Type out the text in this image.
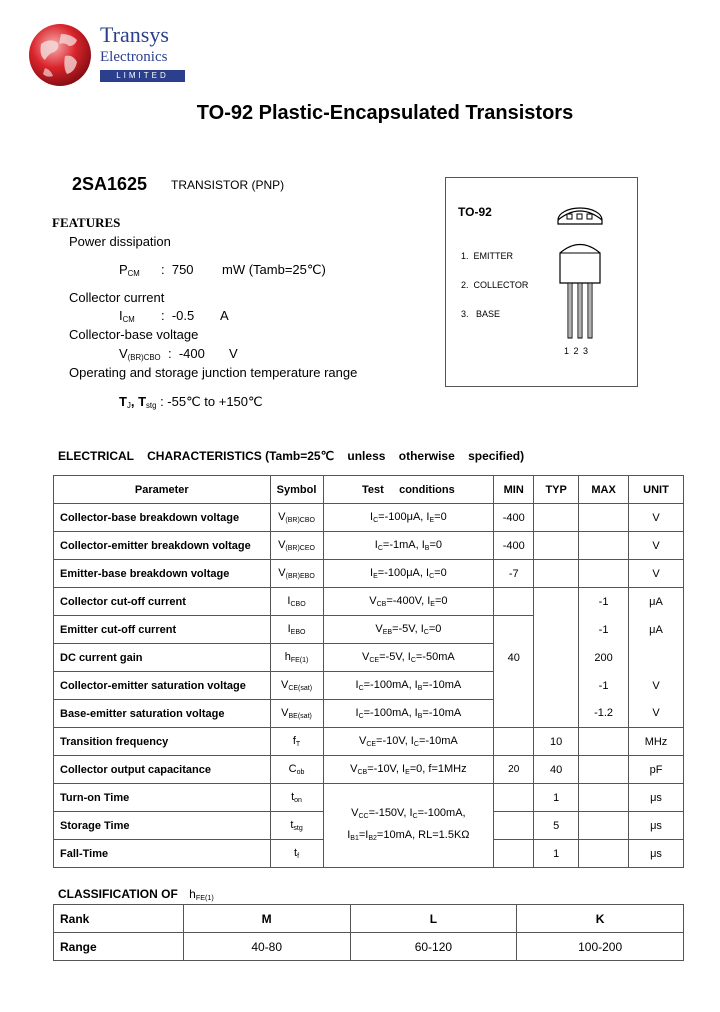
Transys
Electronics
LIMITED
TO-92 Plastic-Encapsulated Transistors
2SA1625 TRANSISTOR (PNP)
FEATURES
Power dissipation
$P_{CM}$ :  750 mW (Tamb=25℃)
Collector current
$I_{CM}$ :  -0.5 A
Collector-base voltage
$V_{(BR)CBO}$ :  -400 V
Operating and storage junction temperature range
$T_J$, $T_{stg}$ : -55℃ to +150℃
TO-92
1.  EMITTER
2.  COLLECTOR
3.   BASE
1 2 3
ELECTRICAL    CHARACTERISTICS (Tamb=25℃    unless    otherwise    specified)
Parameter	Symbol	Test     conditions	MIN	TYP	MAX	UNIT
Collector-base breakdown voltage	$V_{(BR)CBO}$	$I_C=-100\mu A$, $I_E=0$	-400			V
Collector-emitter breakdown voltage	$V_{(BR)CEO}$	$I_C=-1mA$, $I_B=0$	-400			V
Emitter-base breakdown voltage	$V_{(BR)EBO}$	$I_E=-100\mu A$, $I_C=0$	-7			V
Collector cut-off current	$I_{CBO}$	$V_{CB}=-400V$, $I_E=0$			-1	μA
Emitter cut-off current	$I_{EBO}$	$V_{EB}=-5V$, $I_C=0$			-1	μA
DC current gain	$h_{FE(1)}$	$V_{CE}=-5V$, $I_C=-50mA$	40		200	
Collector-emitter saturation voltage	$V_{CE(sat)}$	$I_C=-100mA$, $I_B=-10mA$			-1	V
Base-emitter saturation voltage	$V_{BE(sat)}$	$I_C=-100mA$, $I_B=-10mA$			-1.2	V
Transition frequency	$f_T$	$V_{CE}=-10V$, $I_C=-10mA$		10		MHz
Collector output capacitance	$C_{ob}$	$V_{CB}=-10V$, $I_E=0$, f=1MHz	20	40		pF
Turn-on Time	$t_{on}$	$V_{CC}=-150V$, $I_C=-100mA$,
$I_{B1}=I_{B2}=10mA$, RL=1.5KΩ		1		μs
Storage Time	$t_{stg}$			5		μs
Fall-Time	$t_f$			1		μs
CLASSIFICATION OF $h_{FE(1)}$
Rank	M	L	K
Range	40-80	60-120	100-200
